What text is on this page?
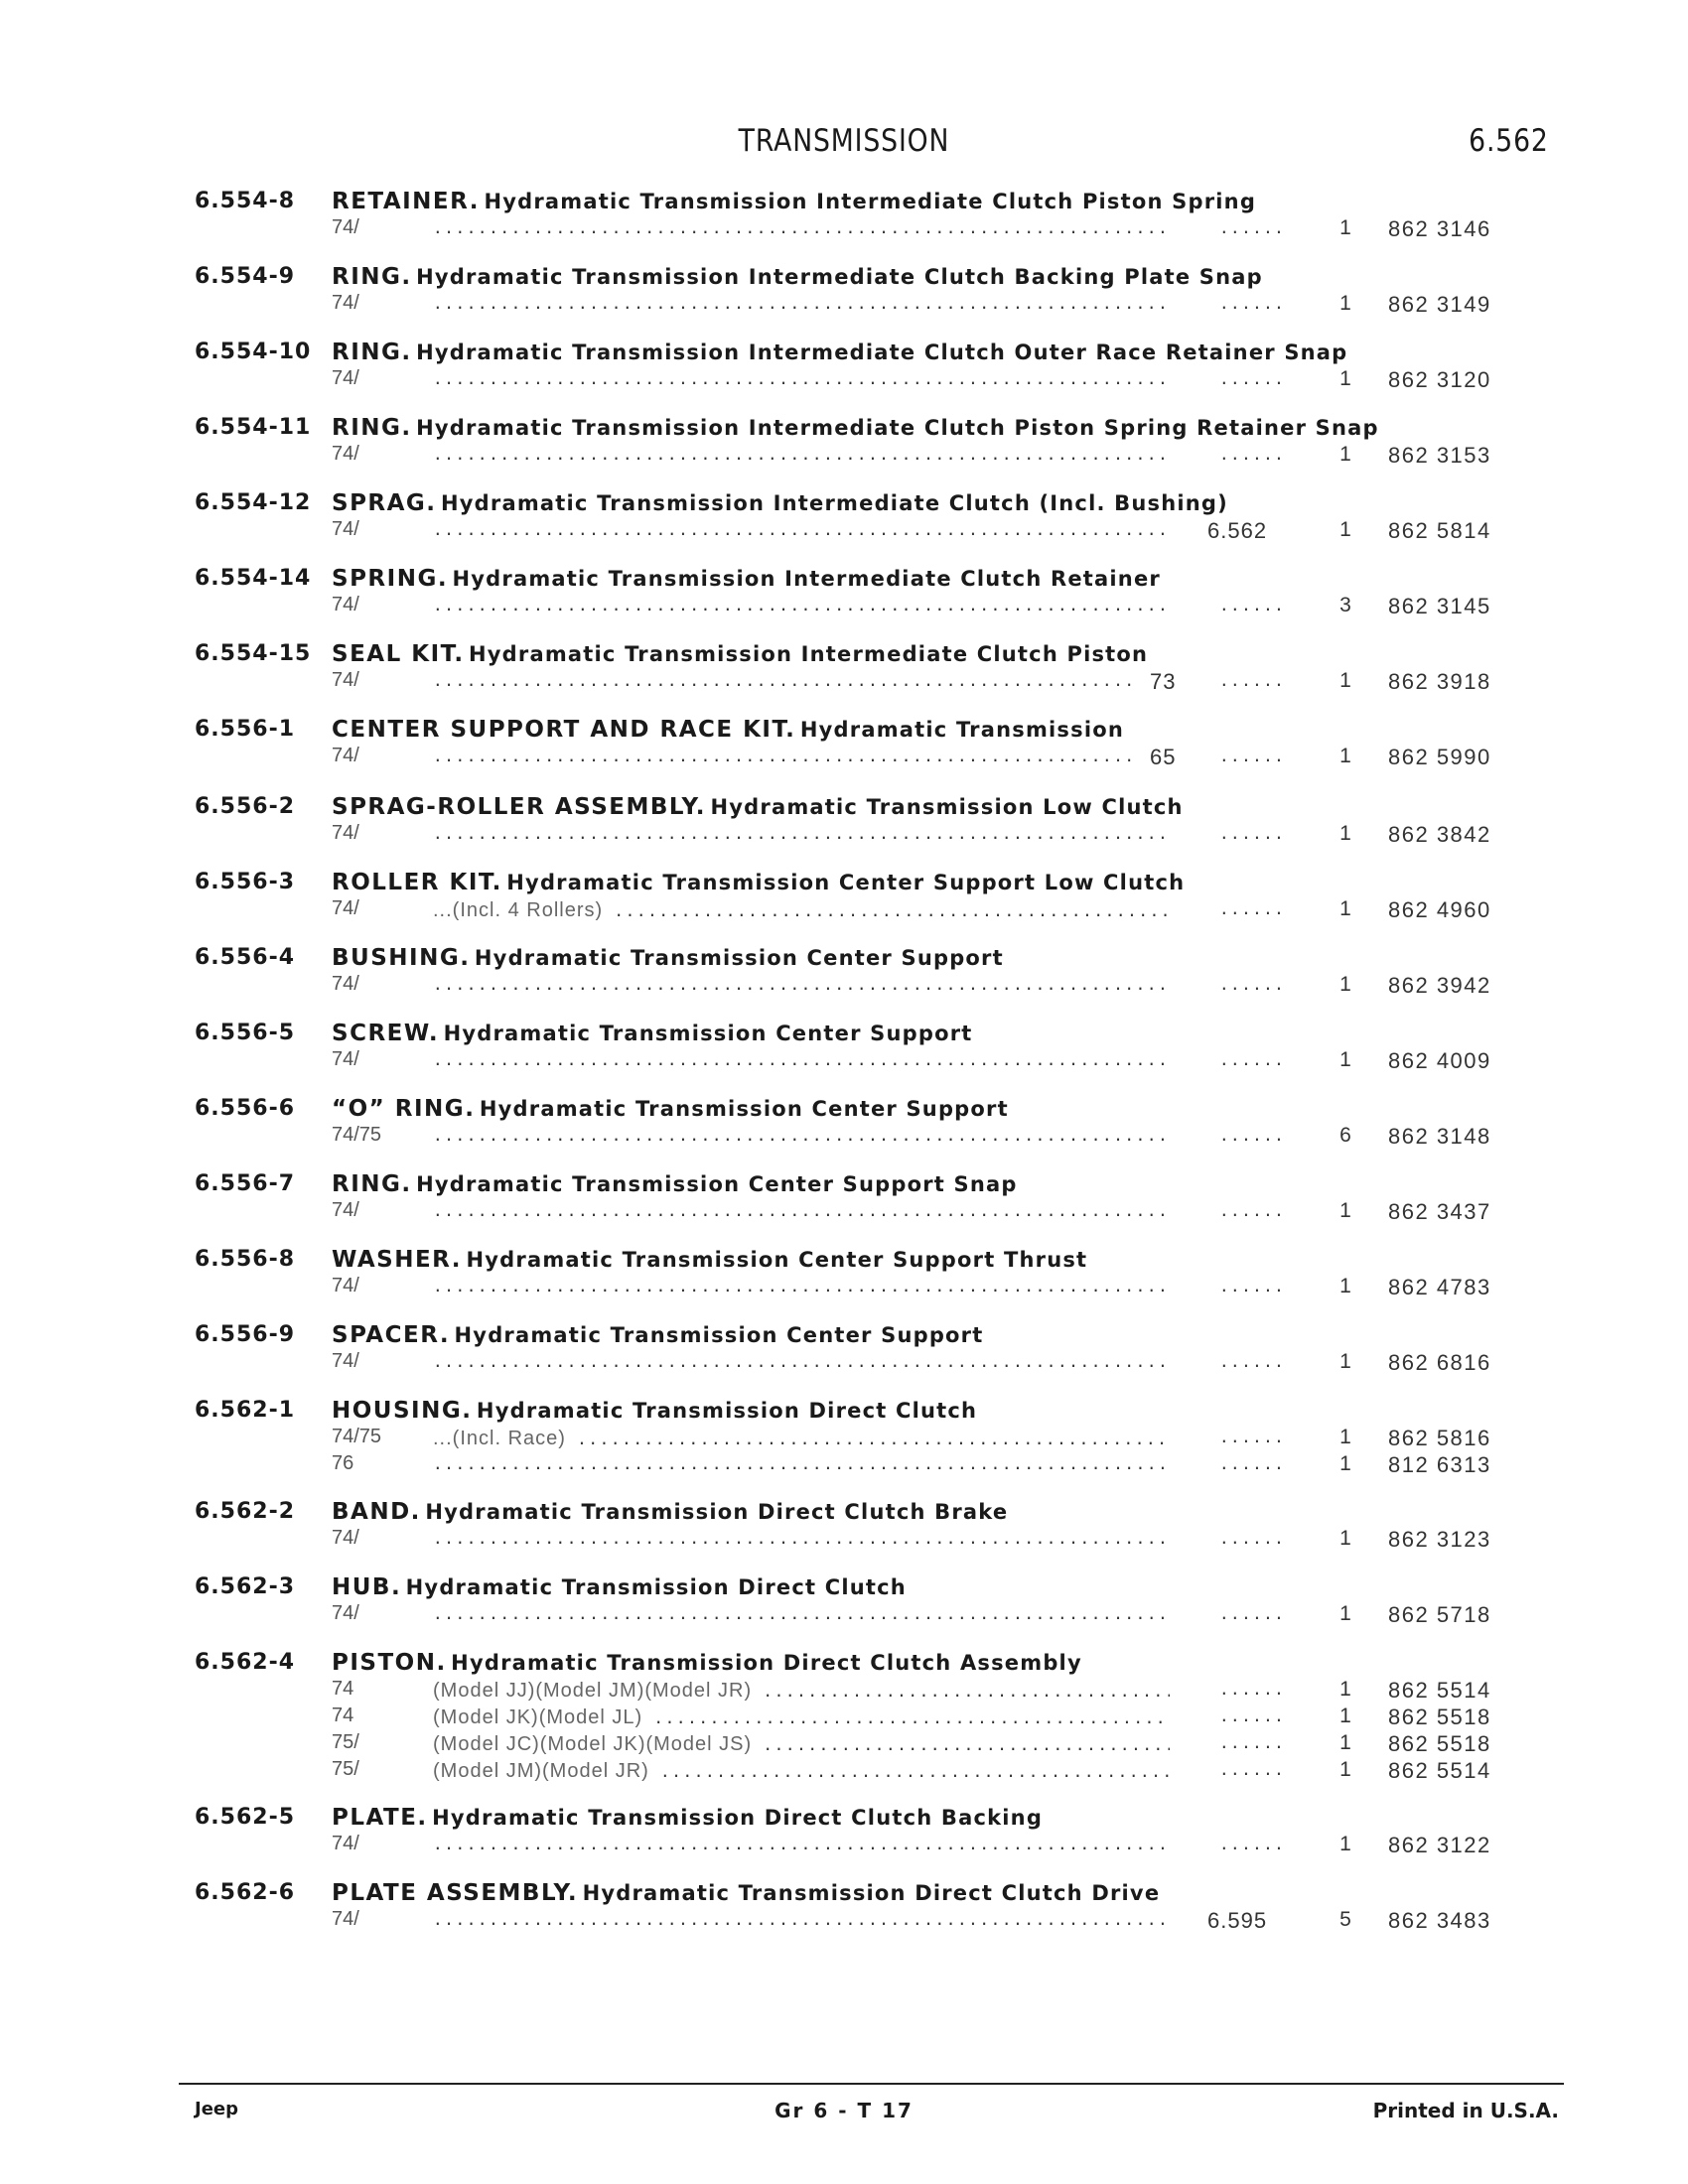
TRANSMISSION	6.562
6.554-8 RETAINER. Hydramatic Transmission Intermediate Clutch Piston Spring
74/ .....	......	1	862 3146
6.554-9 RING. Hydramatic Transmission Intermediate Clutch Backing Plate Snap
74/ .....	......	1	862 3149
6.554-10 RING. Hydramatic Transmission Intermediate Clutch Outer Race Retainer Snap
74/ .....	......	1	862 3120
6.554-11 RING. Hydramatic Transmission Intermediate Clutch Piston Spring Retainer Snap
74/ .....	......	1	862 3153
6.554-12 SPRAG. Hydramatic Transmission Intermediate Clutch (Incl. Bushing)
74/ .....	6.562	1	862 5814
6.554-14 SPRING. Hydramatic Transmission Intermediate Clutch Retainer
74/ .....	......	3	862 3145
6.554-15 SEAL KIT. Hydramatic Transmission Intermediate Clutch Piston
74/ .....	73	......	1	862 3918
6.556-1 CENTER SUPPORT AND RACE KIT. Hydramatic Transmission
74/ .....	65	......	1	862 5990
6.556-2 SPRAG-ROLLER ASSEMBLY. Hydramatic Transmission Low Clutch
74/ .....	......	1	862 3842
6.556-3 ROLLER KIT. Hydramatic Transmission Center Support Low Clutch
74/	...(Incl. 4 Rollers) .....	......	1	862 4960
6.556-4 BUSHING. Hydramatic Transmission Center Support
74/ .....	......	1	862 3942
6.556-5 SCREW. Hydramatic Transmission Center Support
74/ .....	......	1	862 4009
6.556-6 “O” RING. Hydramatic Transmission Center Support
74/75 .....	......	6	862 3148
6.556-7 RING. Hydramatic Transmission Center Support Snap
74/ .....	......	1	862 3437
6.556-8 WASHER. Hydramatic Transmission Center Support Thrust
74/ .....	......	1	862 4783
6.556-9 SPACER. Hydramatic Transmission Center Support
74/ .....	......	1	862 6816
6.562-1 HOUSING. Hydramatic Transmission Direct Clutch
74/75	...(Incl. Race) .....	......	1	862 5816
76 .....	......	1	812 6313
6.562-2 BAND. Hydramatic Transmission Direct Clutch Brake
74/ .....	......	1	862 3123
6.562-3 HUB. Hydramatic Transmission Direct Clutch
74/ .....	......	1	862 5718
6.562-4 PISTON. Hydramatic Transmission Direct Clutch Assembly
74	(Model JJ)(Model JM)(Model JR) .....	......	1	862 5514
74	(Model JK)(Model JL) .....	......	1	862 5518
75/	(Model JC)(Model JK)(Model JS) .....	......	1	862 5518
75/	(Model JM)(Model JR) .....	......	1	862 5514
6.562-5 PLATE. Hydramatic Transmission Direct Clutch Backing
74/ .....	......	1	862 3122
6.562-6 PLATE ASSEMBLY. Hydramatic Transmission Direct Clutch Drive
74/ .....	6.595	5	862 3483
Jeep	Gr 6 - T 17	Printed in U.S.A.
